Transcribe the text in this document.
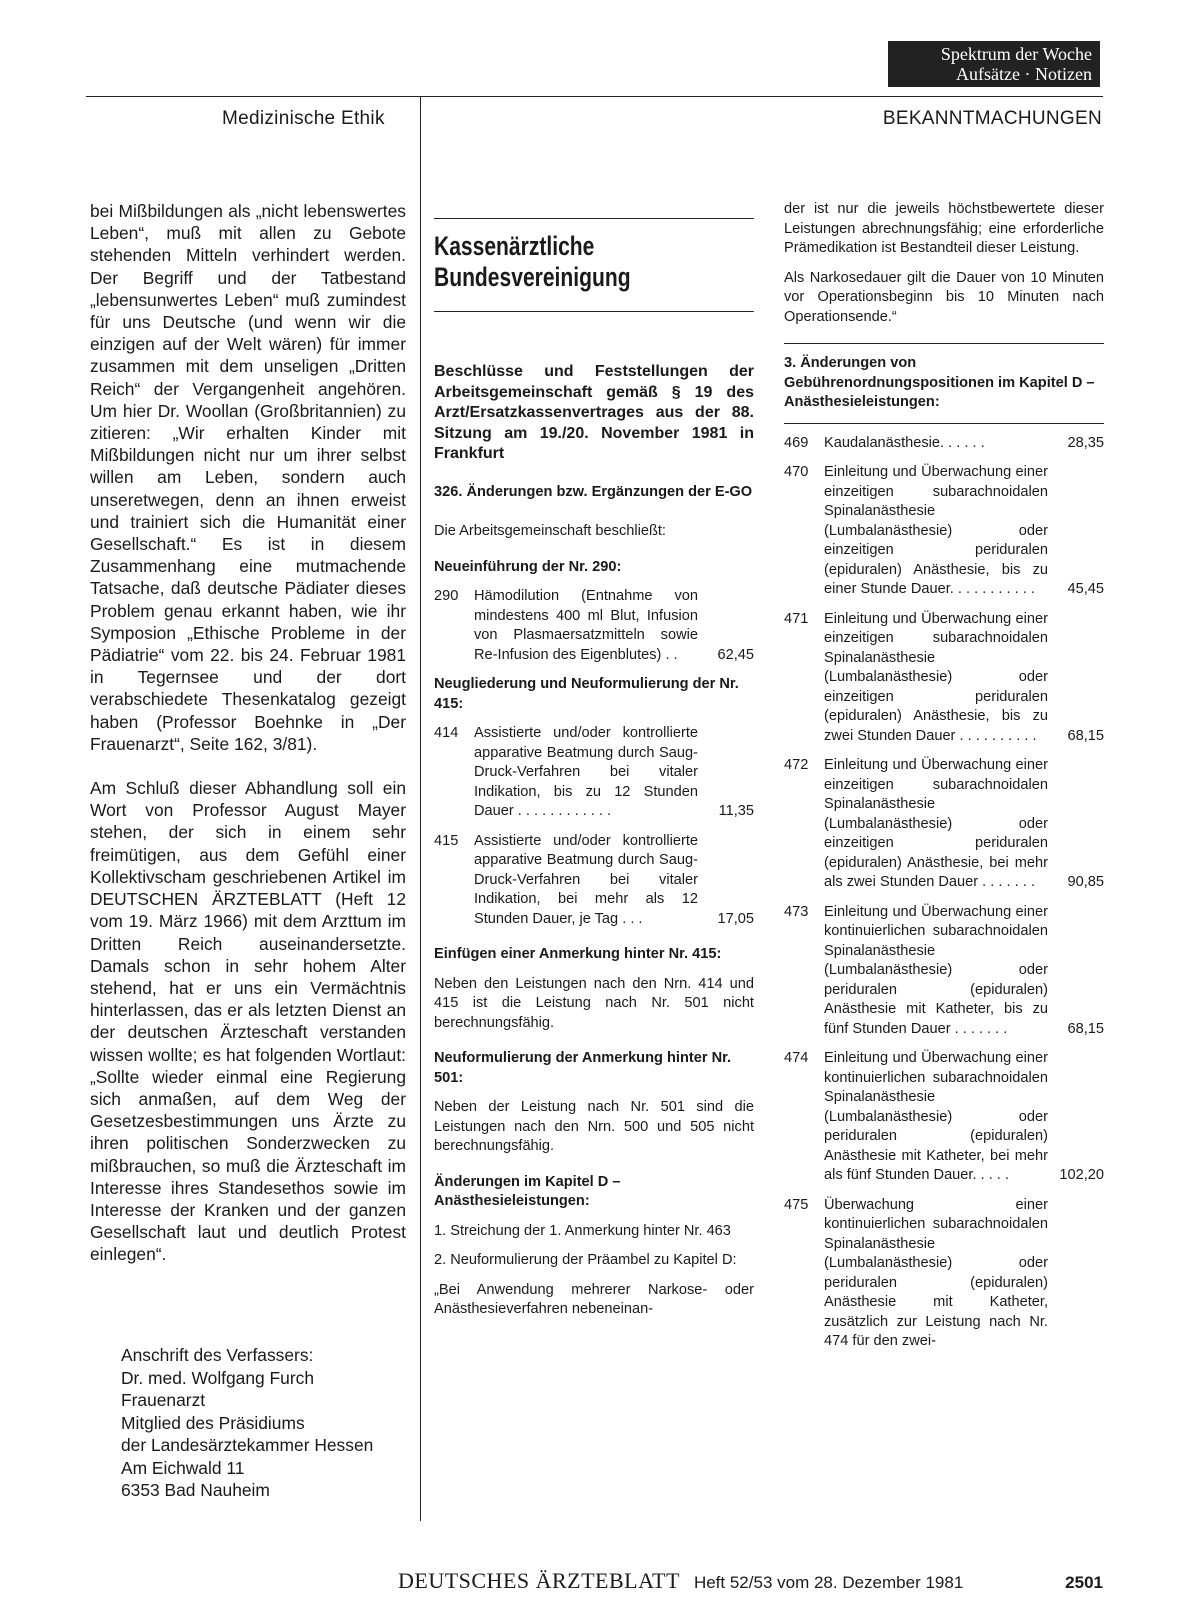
Spektrum der Woche
Aufsätze · Notizen
Medizinische Ethik	BEKANNTMACHUNGEN

bei Mißbildungen als „nicht lebenswertes Leben“, muß mit allen zu Gebote stehenden Mitteln verhindert werden. Der Begriff und der Tatbestand „lebensunwertes Leben“ muß zumindest für uns Deutsche (und wenn wir die einzigen auf der Welt wären) für immer zusammen mit dem unseligen „Dritten Reich“ der Vergangenheit angehören. Um hier Dr. Woollan (Großbritannien) zu zitieren: „Wir erhalten Kinder mit Mißbildungen nicht nur um ihrer selbst willen am Leben, sondern auch unseretwegen, denn an ihnen erweist und trainiert sich die Humanität einer Gesellschaft.“ Es ist in diesem Zusammenhang eine mutmachende Tatsache, daß deutsche Pädiater dieses Problem genau erkannt haben, wie ihr Symposion „Ethische Probleme in der Pädiatrie“ vom 22. bis 24. Februar 1981 in Tegernsee und der dort verabschiedete Thesenkatalog gezeigt haben (Professor Boehnke in „Der Frauenarzt“, Seite 162, 3/81).

Am Schluß dieser Abhandlung soll ein Wort von Professor August Mayer stehen, der sich in einem sehr freimütigen, aus dem Gefühl einer Kollektivscham geschriebenen Artikel im DEUTSCHEN ÄRZTEBLATT (Heft 12 vom 19. März 1966) mit dem Arzttum im Dritten Reich auseinandersetzte. Damals schon in sehr hohem Alter stehend, hat er uns ein Vermächtnis hinterlassen, das er als letzten Dienst an der deutschen Ärzteschaft verstanden wissen wollte; es hat folgenden Wortlaut: „Sollte wieder einmal eine Regierung sich anmaßen, auf dem Weg der Gesetzesbestimmungen uns Ärzte zu ihren politischen Sonderzwecken zu mißbrauchen, so muß die Ärzteschaft im Interesse ihres Standesethos sowie im Interesse der Kranken und der ganzen Gesellschaft laut und deutlich Protest einlegen“.

Anschrift des Verfassers:
Dr. med. Wolfgang Furch
Frauenarzt
Mitglied des Präsidiums
der Landesärztekammer Hessen
Am Eichwald 11
6353 Bad Nauheim
Kassenärztliche
Bundesvereinigung
Beschlüsse und Feststellungen der Arbeitsgemeinschaft gemäß § 19 des Arzt/Ersatzkassenvertrages aus der 88. Sitzung am 19./20. November 1981 in Frankfurt
326. Änderungen bzw. Ergänzungen der E-GO
Die Arbeitsgemeinschaft beschließt:
Neueinführung der Nr. 290:
290	Hämodilution (Entnahme von mindestens 400 ml Blut, Infusion von Plasmaersatzmitteln sowie Re-Infusion des Eigenblutes) . .	62,45
Neugliederung und Neuformulierung der Nr. 415:
414	Assistierte und/oder kontrollierte apparative Beatmung durch Saug-Druck-Verfahren bei vitaler Indikation, bis zu 12 Stunden Dauer . . . . . . . . . . . .	11,35
415	Assistierte und/oder kontrollierte apparative Beatmung durch Saug-Druck-Verfahren bei vitaler Indikation, bei mehr als 12 Stunden Dauer, je Tag . . .	17,05
Einfügen einer Anmerkung hinter Nr. 415:
Neben den Leistungen nach den Nrn. 414 und 415 ist die Leistung nach Nr. 501 nicht berechnungsfähig.
Neuformulierung der Anmerkung hinter Nr. 501:
Neben der Leistung nach Nr. 501 sind die Leistungen nach den Nrn. 500 und 505 nicht berechnungsfähig.
Änderungen im Kapitel D – Anästhesieleistungen:
1. Streichung der 1. Anmerkung hinter Nr. 463
2. Neuformulierung der Präambel zu Kapitel D:
„Bei Anwendung mehrerer Narkose- oder Anästhesieverfahren nebeneinan-
der ist nur die jeweils höchstbewertete dieser Leistungen abrechnungsfähig; eine erforderliche Prämedikation ist Bestandteil dieser Leistung.
Als Narkosedauer gilt die Dauer von 10 Minuten vor Operationsbeginn bis 10 Minuten nach Operationsende.“
3. Änderungen von Gebührenordnungspositionen im Kapitel D – Anästhesieleistungen:
469	Kaudalanästhesie. . . . . .	28,35
470	Einleitung und Überwachung einer einzeitigen subarachnoidalen Spinalanästhesie (Lumbalanästhesie) oder einzeitigen periduralen (epiduralen) Anästhesie, bis zu einer Stunde Dauer. . . . . . . . . . .	45,45
471	Einleitung und Überwachung einer einzeitigen subarachnoidalen Spinalanästhesie (Lumbalanästhesie) oder einzeitigen periduralen (epiduralen) Anästhesie, bis zu zwei Stunden Dauer . . . . . . . . . .	68,15
472	Einleitung und Überwachung einer einzeitigen subarachnoidalen Spinalanästhesie (Lumbalanästhesie) oder einzeitigen periduralen (epiduralen) Anästhesie, bei mehr als zwei Stunden Dauer . . . . . . .	90,85
473	Einleitung und Überwachung einer kontinuierlichen subarachnoidalen Spinalanästhesie (Lumbalanästhesie) oder periduralen (epiduralen) Anästhesie mit Katheter, bis zu fünf Stunden Dauer . . . . . . .	68,15
474	Einleitung und Überwachung einer kontinuierlichen subarachnoidalen Spinalanästhesie (Lumbalanästhesie) oder periduralen (epiduralen) Anästhesie mit Katheter, bei mehr als fünf Stunden Dauer. . . . .	102,20
475	Überwachung einer kontinuierlichen subarachnoidalen Spinalanästhesie (Lumbalanästhesie) oder periduralen (epiduralen) Anästhesie mit Katheter, zusätzlich zur Leistung nach Nr. 474 für den zwei-
DEUTSCHES ÄRZTEBLATT Heft 52/53 vom 28. Dezember 1981	2501
